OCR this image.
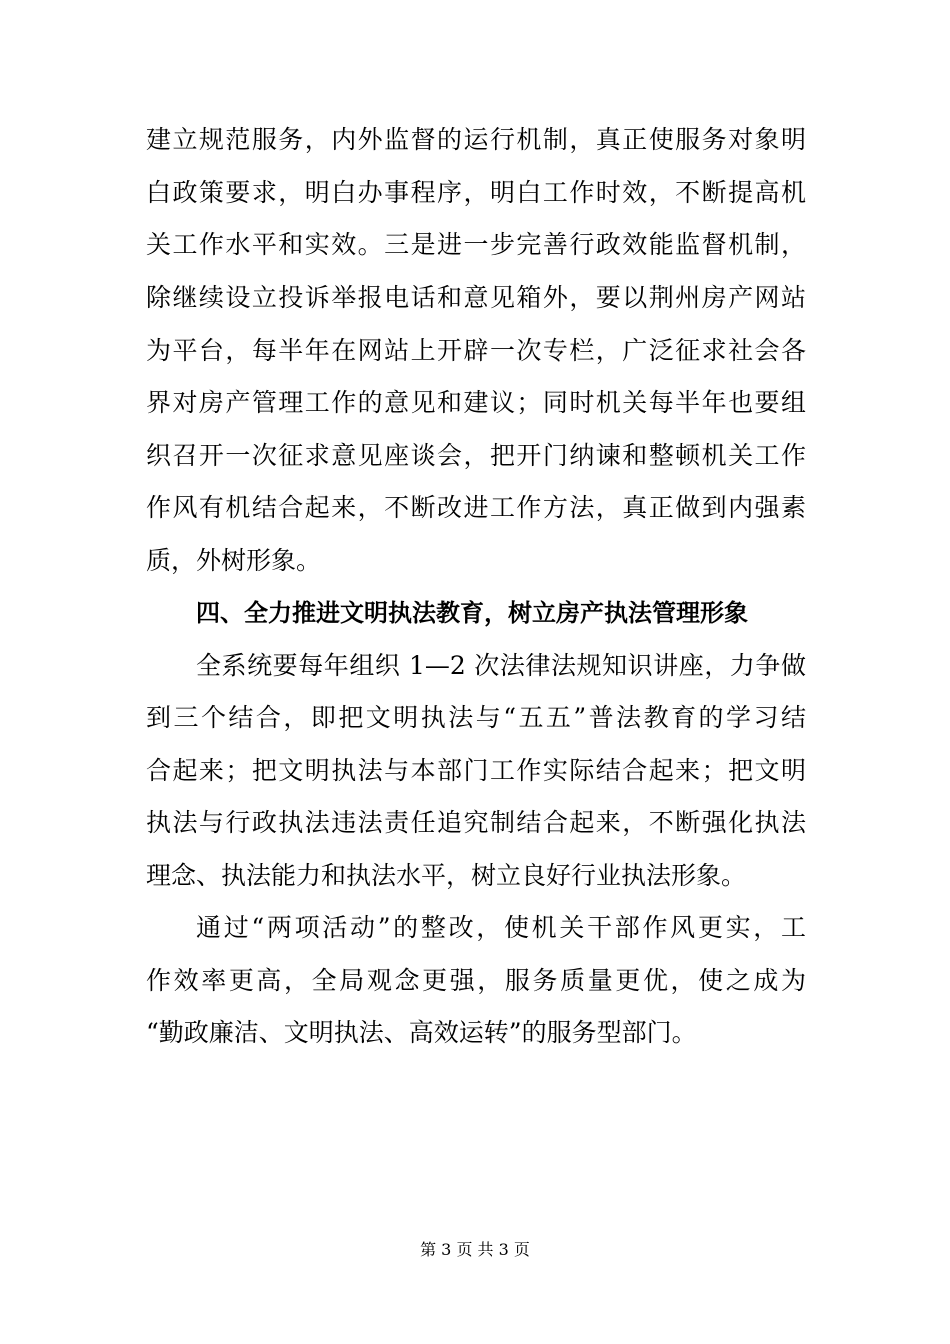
建立规范服务，内外监督的运行机制，真正使服务对象明
白政策要求，明白办事程序，明白工作时效，不断提高机
关工作水平和实效。三是进一步完善行政效能监督机制，
除继续设立投诉举报电话和意见箱外，要以荆州房产网站
为平台，每半年在网站上开辟一次专栏，广泛征求社会各
界对房产管理工作的意见和建议；同时机关每半年也要组
织召开一次征求意见座谈会，把开门纳谏和整顿机关工作
作风有机结合起来，不断改进工作方法，真正做到内强素
质，外树形象。
四、全力推进文明执法教育，树立房产执法管理形象
全系统要每年组织 1—2 次法律法规知识讲座，力争做
到三个结合，即把文明执法与“五五”普法教育的学习结
合起来；把文明执法与本部门工作实际结合起来；把文明
执法与行政执法违法责任追究制结合起来，不断强化执法
理念、执法能力和执法水平，树立良好行业执法形象。
通过“两项活动”的整改，使机关干部作风更实，工
作效率更高，全局观念更强，服务质量更优，使之成为
“勤政廉洁、文明执法、高效运转”的服务型部门。
第 3 页 共 3 页
